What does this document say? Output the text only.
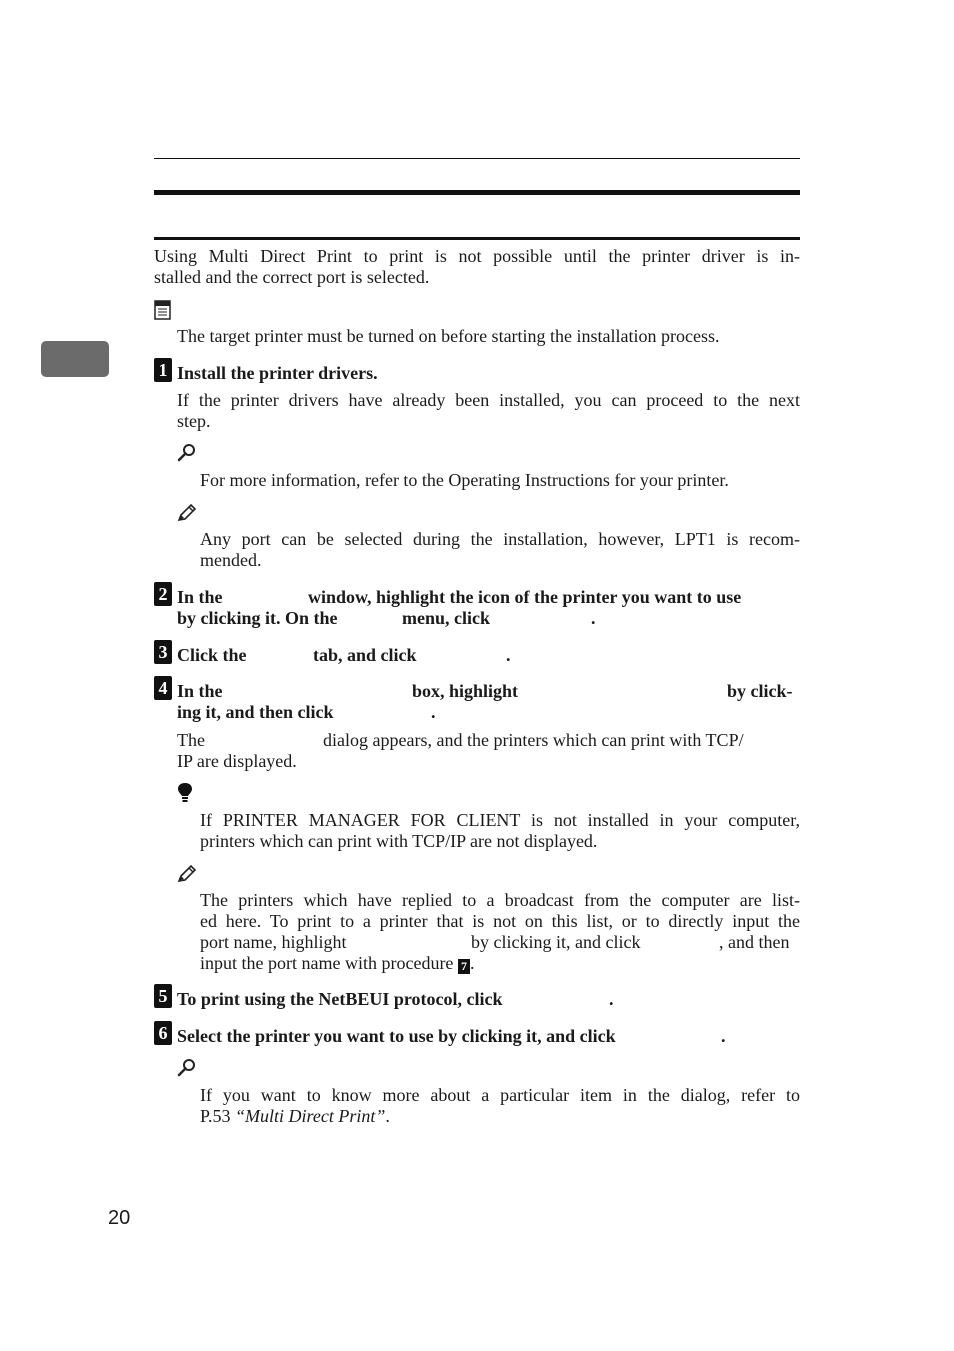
Using Multi Direct Print to print is not possible until the printer driver is in-
stalled and the correct port is selected.
The target printer must be turned on before starting the installation process.
1 Install the printer drivers.
If the printer drivers have already been installed, you can proceed to the next
step.
For more information, refer to the Operating Instructions for your printer.
Any port can be selected during the installation, however, LPT1 is recom-
mended.
2 In the	window, highlight the icon of the printer you want to use
by clicking it. On the	menu, click	.
3 Click the	tab, and click	.
4 In the	box, highlight	by click-
ing it, and then click	.
The	dialog appears, and the printers which can print with TCP/
IP are displayed.
If PRINTER MANAGER FOR CLIENT is not installed in your computer,
printers which can print with TCP/IP are not displayed.
The printers which have replied to a broadcast from the computer are list-
ed here. To print to a printer that is not on this list, or to directly input the
port name, highlight	by clicking it, and click	, and then
input the port name with procedure 7 .
5 To print using the NetBEUI protocol, click	.
6 Select the printer you want to use by clicking it, and click	.
If you want to know more about a particular item in the dialog, refer to
P.53 “Multi Direct Print”.
20
